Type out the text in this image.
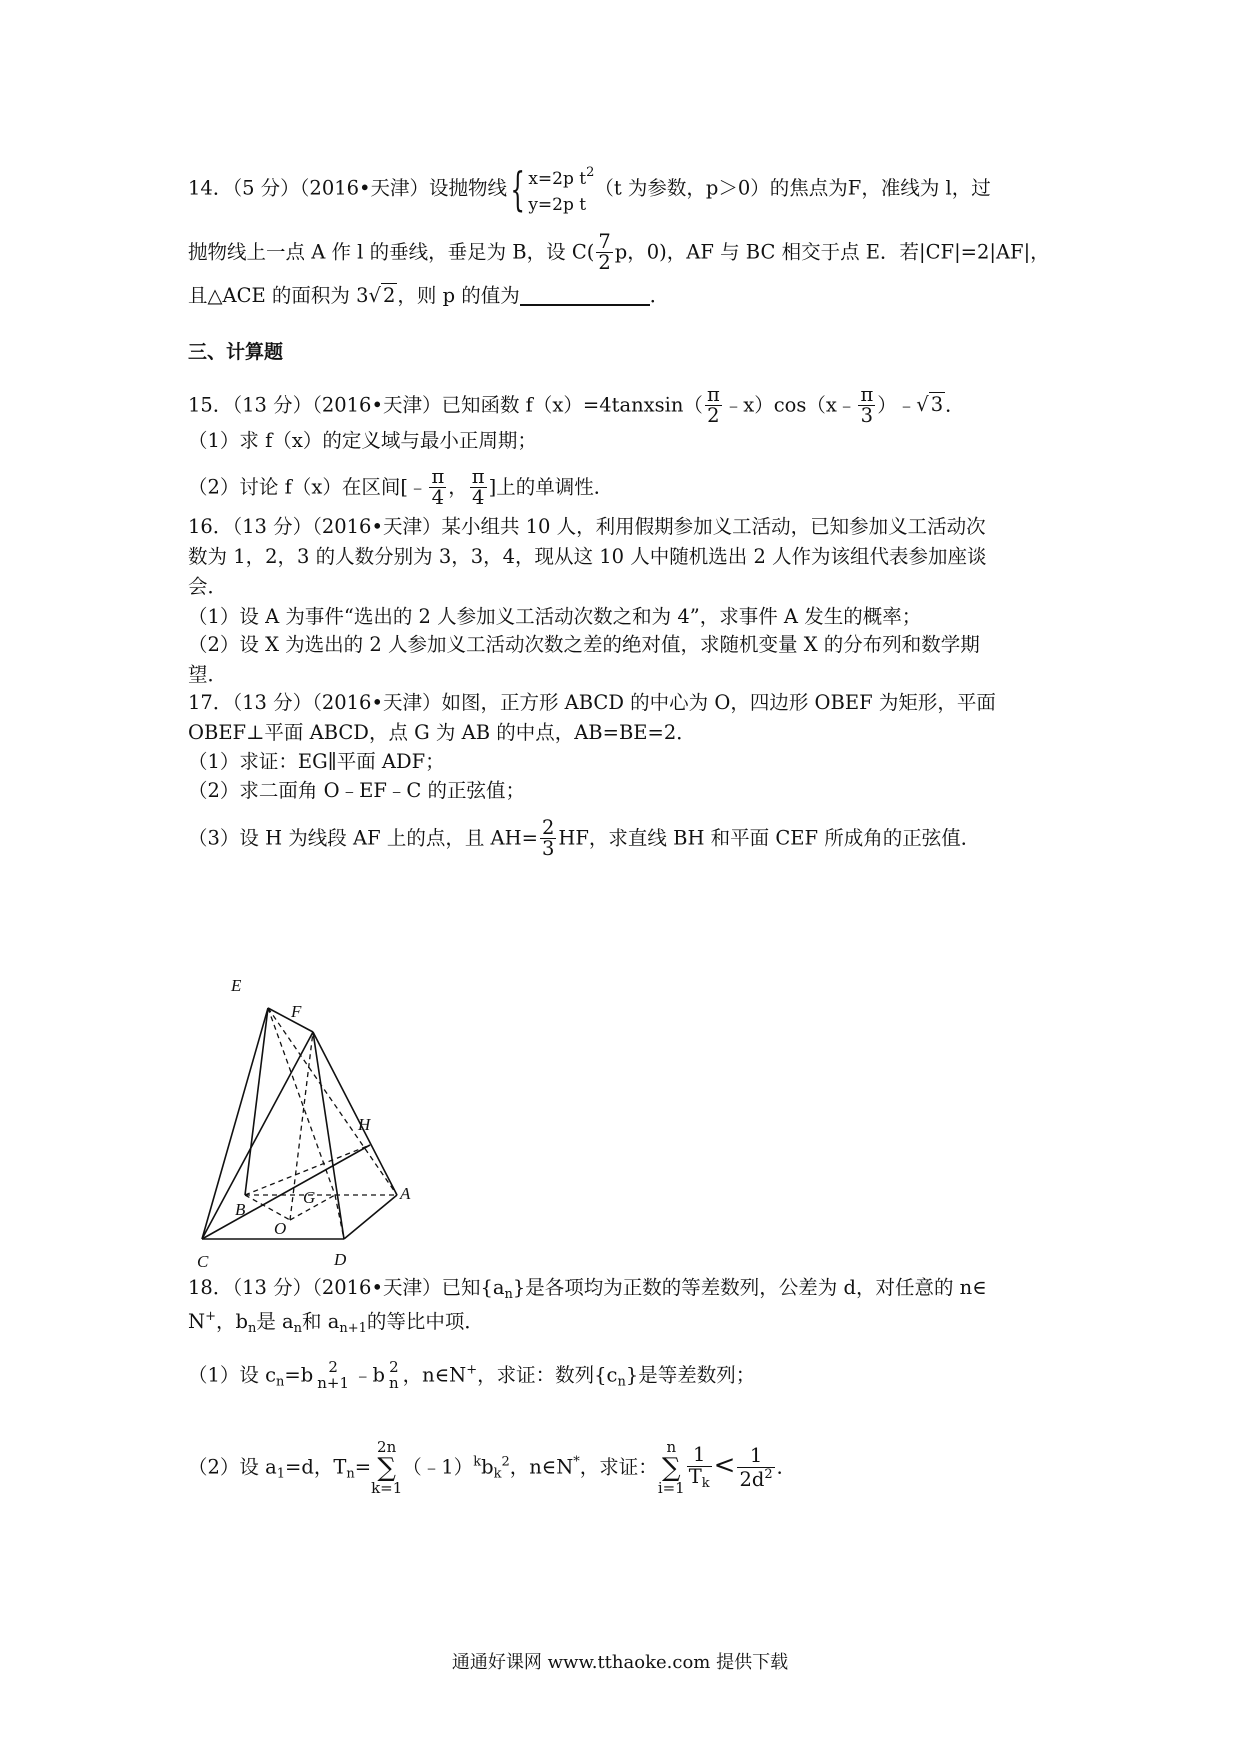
14．（5 分）（2016•天津）设抛物线{ x=2p $t^2$
y=2p t（t 为参数，p＞0）的焦点为F，准线为 l，过
抛物线上一点 A 作 l 的垂线，垂足为 B，设 $C( \frac{7}{2}$ p，0)，AF 与 BC 相交于点 E．若|CF|=2|AF|，
且△ACE 的面积为 3√ 2 ，则 p 的值为	．
三、计算题
15．（13 分）（2016•天津）已知函数 f（x）=4tanxsin（ $\frac{\pi}{2}$ ﹣x）cos（x﹣ $\frac{\pi}{3}$ ）﹣√ 3 ．
（1）求 f（x）的定义域与最小正周期；
（2）讨论 f（x）在区间[﹣ $\frac{\pi}{4}$ ， $\frac{\pi}{4}$ ]上的单调性．
16．（13 分）（2016•天津）某小组共 10 人，利用假期参加义工活动，已知参加义工活动次
数为 1，2，3 的人数分别为 3，3，4，现从这 10 人中随机选出 2 人作为该组代表参加座谈
会．
（1）设 A 为事件“选出的 2 人参加义工活动次数之和为 4”，求事件 A 发生的概率；
（2）设 X 为选出的 2 人参加义工活动次数之差的绝对值，求随机变量 X 的分布列和数学期
望．
17．（13 分）（2016•天津）如图，正方形 ABCD 的中心为 O，四边形 OBEF 为矩形，平面
OBEF⊥平面 ABCD，点 G 为 AB 的中点，AB=BE=2．
（1）求证：EG∥平面 ADF；
（2）求二面角 O﹣EF﹣C 的正弦值；
（3）设 H 为线段 AF 上的点，且 $AH= \frac{2}{3}$ HF，求直线 BH 和平面 CEF 所成角的正弦值．
E
F
H
A
B
G
O
C	D
18．（13 分）（2016•天津）已知$\{a_n\}$是各项均为正数的等差数列，公差为 d，对任意的 n∈
N+，$b_n$是 $a_n$和 $a_{n+1}$的等比中项．
（1）设 $c_n=b$	2
n+1 ﹣b 2
n ，n∈N+，求证：数列$\{c_n\}$是等差数列；
（2）设 $a_1=d$，$T_n=2n$
∑
$k=1(﹣1)^kb_k^2$，n∈N*，求证：n
∑
$i=1 \frac{1}{T_k} < \frac{1}{2d^2}$ ．
通通好课网 www.tthaoke.com 提供下载
